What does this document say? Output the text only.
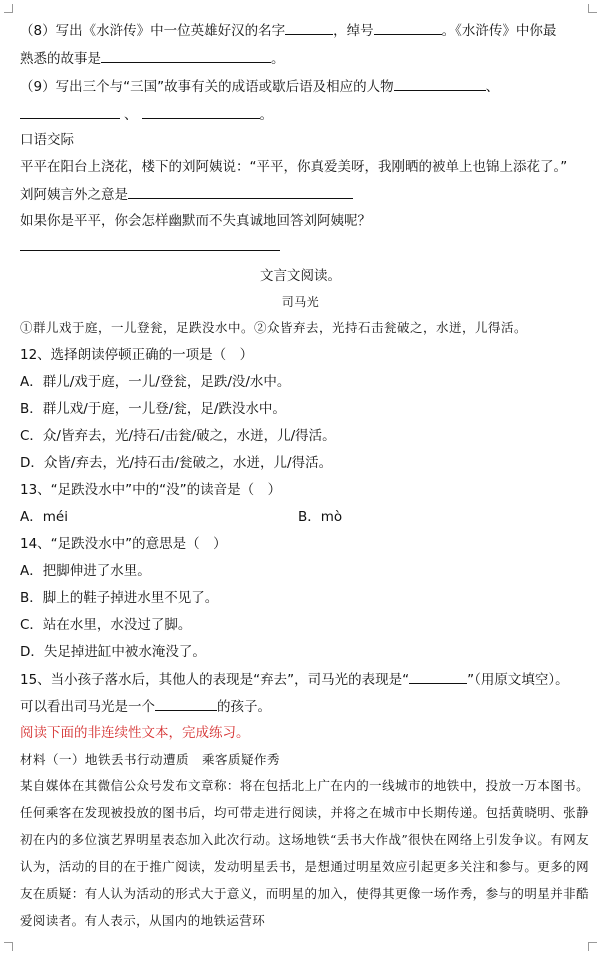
（8）写出《水浒传》中一位英雄好汉的名字	，绰号	。《水浒传》中你最
熟悉的故事是	。
（9）写出三个与“三国”故事有关的成语或歇后语及相应的人物	、
、	。
口语交际
平平在阳台上浇花，楼下的刘阿姨说：“平平，你真爱美呀，我刚晒的被单上也锦上添花了。”
刘阿姨言外之意是
如果你是平平，你会怎样幽默而不失真诚地回答刘阿姨呢？
文言文阅读。
司马光
①群儿戏于庭，一儿登瓮，足跌没水中。②众皆弃去，光持石击瓮破之，水迸，儿得活。
12、选择朗读停顿正确的一项是（　）
A．群儿/戏于庭，一儿/登瓮，足跌/没/水中。
B．群儿戏/于庭，一儿登/瓮，足/跌没水中。
C．众/皆弃去，光/持石/击瓮/破之，水迸，儿/得活。
D．众皆/弃去，光/持石击/瓮破之，水迸，儿/得活。
13、“足跌没水中”中的“没”的读音是（　）
A．méi	B．mò
14、“足跌没水中”的意思是（　）
A．把脚伸进了水里。
B．脚上的鞋子掉进水里不见了。
C．站在水里，水没过了脚。
D．失足掉进缸中被水淹没了。
15、当小孩子落水后，其他人的表现是“弃去”，司马光的表现是“	”（用原文填空）。
可以看出司马光是一个	的孩子。
阅读下面的非连续性文本，完成练习。
材料（一）地铁丢书行动遭质　乘客质疑作秀
某自媒体在其微信公众号发布文章称：将在包括北上广在内的一线城市的地铁中，投放一万本图书。任何乘客在发现被投放的图书后，均可带走进行阅读，并将之在城市中长期传递。包括黄晓明、张静初在内的多位演艺界明星表态加入此次行动。这场地铁“丢书大作战”很快在网络上引发争议。有网友认为，活动的目的在于推广阅读，发动明星丢书，是想通过明星效应引起更多关注和参与。更多的网友在质疑：有人认为活动的形式大于意义，而明星的加入，使得其更像一场作秀，参与的明星并非酷爱阅读者。有人表示，从国内的地铁运营环
